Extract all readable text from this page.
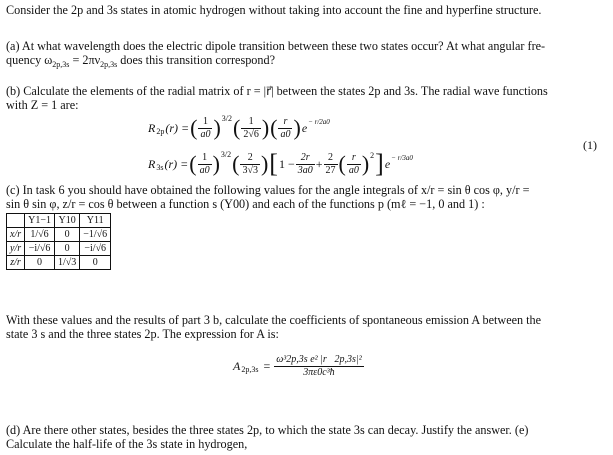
Consider the 2p and 3s states in atomic hydrogen without taking into account the fine and hyperfine structure.
(a) At what wavelength does the electric dipole transition between these two states occur? At what angular fre-
quency $\omega_{2p,3s} = 2\pi\nu_{2p,3s}$ does this transition correspond?
(b) Calculate the elements of the radial matrix of r = |r⃗| between the states 2p and 3s. The radial wave functions
with Z = 1 are:
R 2p (r) = ( $\frac{1}{a0}$ ) 3/2 ( $\frac{1}{2√6}$ ) ( $\frac{r}{a0}$ ) e − r/2a0
R 3s (r) = ( $\frac{1}{a0}$ ) 3/2 ( $\frac{2}{3√3}$ ) [ $1 - \frac{2r}{3a0} + \frac{2}{27}$ ( $\frac{r}{a0}$ ) 2 ] e − r/3a0
(1)
(c) In task 6 you should have obtained the following values for the angle integrals of x/r = sin θ cos φ, y/r =
sin θ sin φ, z/r = cos θ between a function s (Y00) and each of the functions p (mℓ = −1, 0 and 1) :
	Y1−1	Y10	Y11
x/r	1/√6	0	−1/√6
y/r	−i/√6	0	−i/√6
z/r	0	1/√3	0
With these values and the results of part 3 b, calculate the coefficients of spontaneous emission A between the
state 3 s and the three states 2p. The expression for A is:
A $2p,3s = \frac{\text{ω³2p,3s e² |r⃗2p,3s|²}}{\text{3πε0c³ħ}}$
(d) Are there other states, besides the three states 2p, to which the state 3s can decay. Justify the answer. (e)
Calculate the half-life of the 3s state in hydrogen,
